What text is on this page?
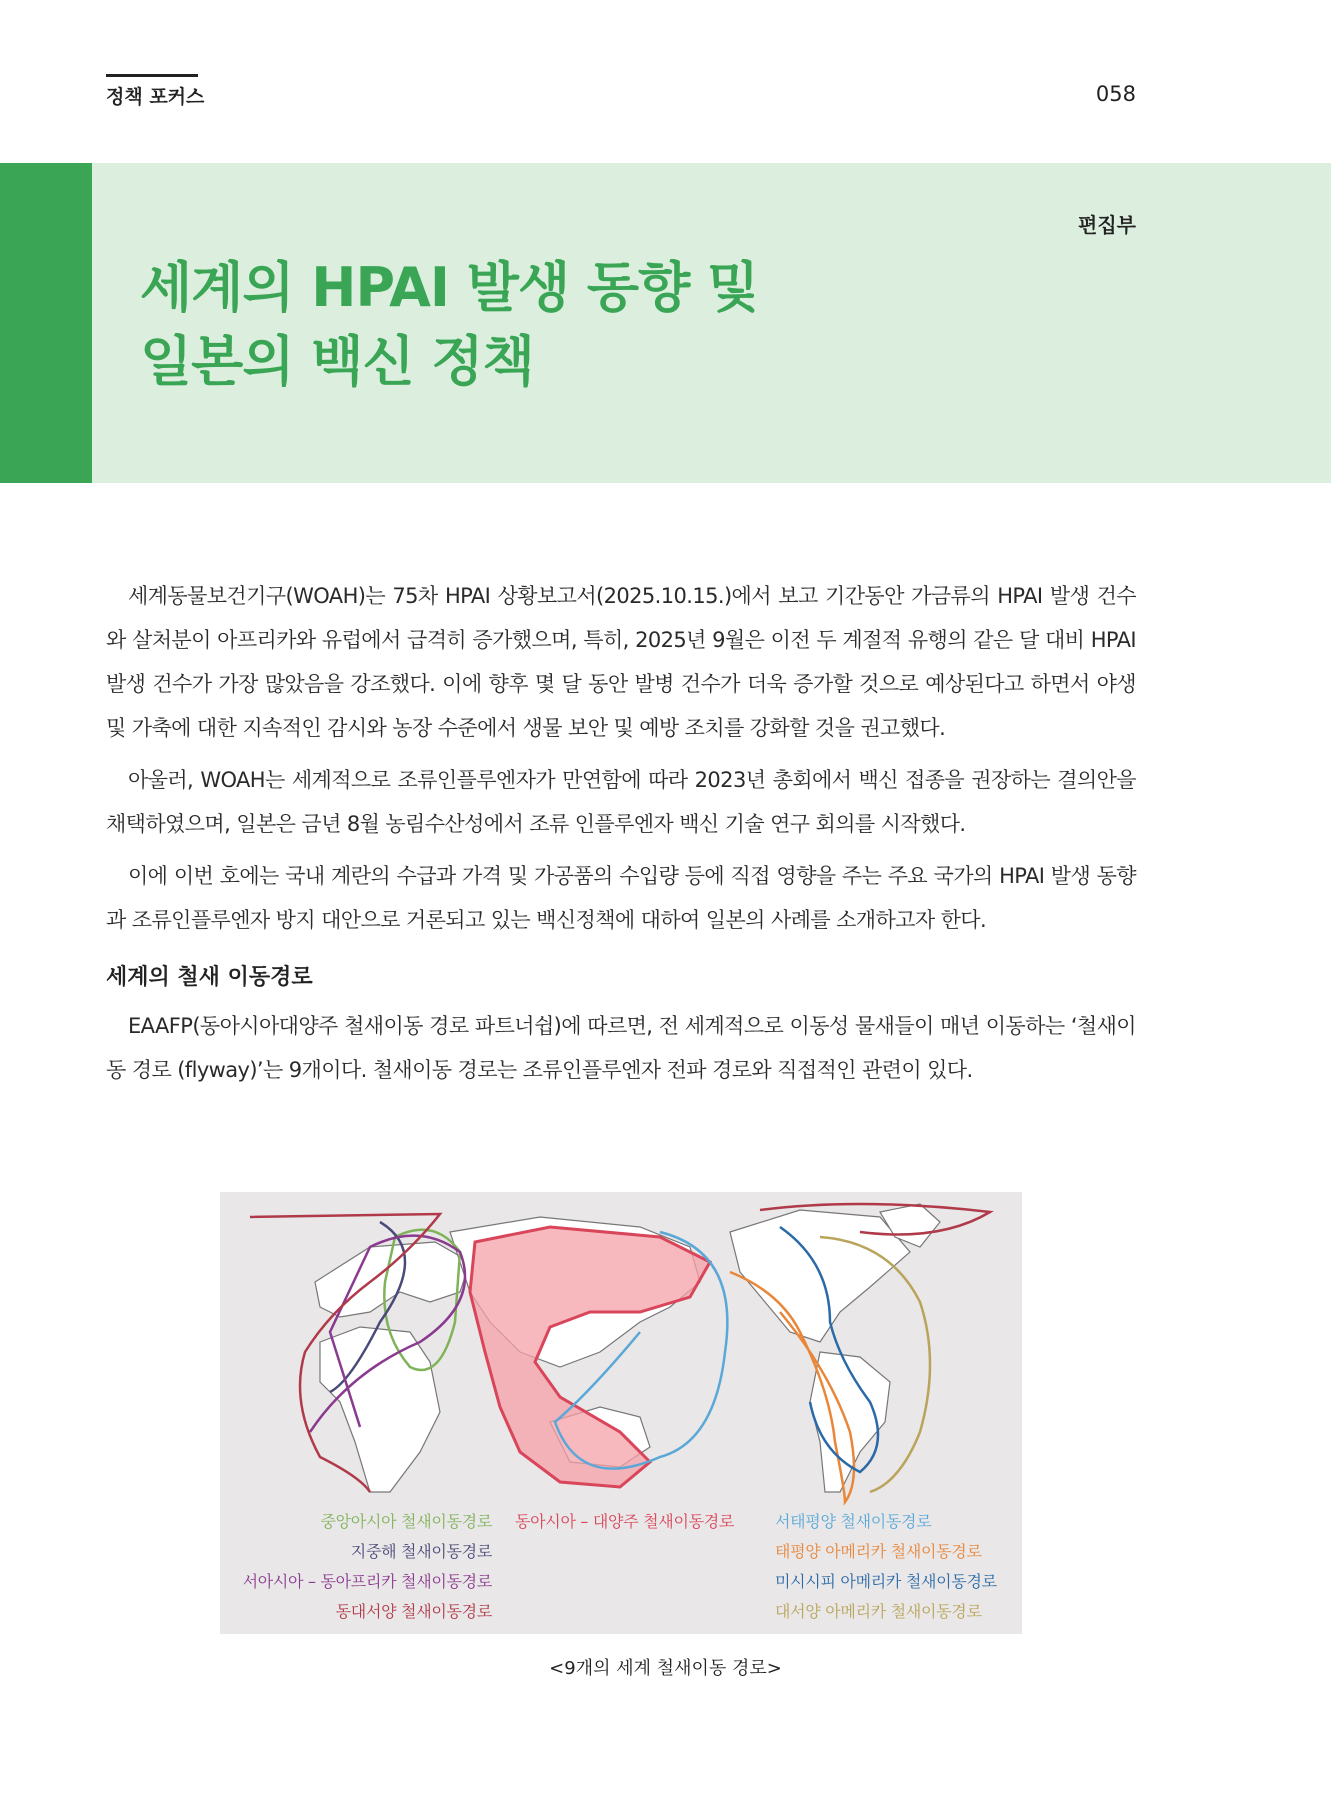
정책 포커스	058
편집부
세계의 HPAI 발생 동향 및
일본의 백신 정책

세계동물보건기구(WOAH)는 75차 HPAI 상황보고서(2025.10.15.)에서 보고 기간동안 가금류의 HPAI 발생 건수와 살처분이 아프리카와 유럽에서 급격히 증가했으며, 특히, 2025년 9월은 이전 두 계절적 유행의 같은 달 대비 HPAI 발생 건수가 가장 많았음을 강조했다. 이에 향후 몇 달 동안 발병 건수가 더욱 증가할 것으로 예상된다고 하면서 야생 및 가축에 대한 지속적인 감시와 농장 수준에서 생물 보안 및 예방 조치를 강화할 것을 권고했다.

아울러, WOAH는 세계적으로 조류인플루엔자가 만연함에 따라 2023년 총회에서 백신 접종을 권장하는 결의안을 채택하였으며, 일본은 금년 8월 농림수산성에서 조류 인플루엔자 백신 기술 연구 회의를 시작했다.

이에 이번 호에는 국내 계란의 수급과 가격 및 가공품의 수입량 등에 직접 영향을 주는 주요 국가의 HPAI 발생 동향과 조류인플루엔자 방지 대안으로 거론되고 있는 백신정책에 대하여 일본의 사례를 소개하고자 한다.

세계의 철새 이동경로

EAAFP(동아시아대양주 철새이동 경로 파트너쉽)에 따르면, 전 세계적으로 이동성 물새들이 매년 이동하는 ‘철새이동 경로 (flyway)’는 9개이다. 철새이동 경로는 조류인플루엔자 전파 경로와 직접적인 관련이 있다.

중앙아시아 철새이동경로
지중해 철새이동경로
서아시아 – 동아프리카 철새이동경로
동대서양 철새이동경로
동아시아 – 대양주 철새이동경로	서태평양 철새이동경로
태평양 아메리카 철새이동경로
미시시피 아메리카 철새이동경로
대서양 아메리카 철새이동경로
<9개의 세계 철새이동 경로>
